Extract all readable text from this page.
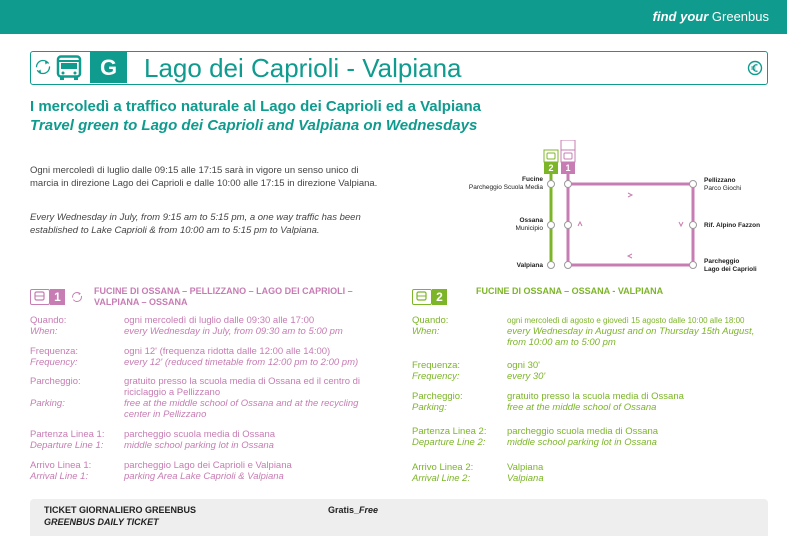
find your Greenbus
G	Lago dei Caprioli - Valpiana
I mercoledì a traffico naturale al Lago dei Caprioli ed a Valpiana
Travel green to Lago dei Caprioli and Valpiana on Wednesdays
Ogni mercoledì di luglio dalle 09:15 alle 17:15 sarà in vigore un senso unico di marcia in direzione Lago dei Caprioli e dalle 10:00 alle 17:15 in direzione Valpiana.
Every Wednesday in July, from 9:15 am to 5:15 pm, a one way traffic has been established to Lake Caprioli & from 10:00 am to 5:15 pm to Valpiana.
2 1
Fucine
Parcheggio Scuola Media
Ossana
Municipio
Valpiana
Pellizzano
Parco Giochi
Rif. Alpino Fazzon
Parcheggio
Lago dei Caprioli
1	FUCINE DI OSSANA – PELLIZZANO – LAGO DEI CAPRIOLI – VALPIANA – OSSANA
Quando:
When:
ogni mercoledì di luglio dalle 09:30 alle 17:00
every Wednesday in July, from 09:30 am to 5:00 pm
Frequenza:
Frequency:
ogni 12' (frequenza ridotta dalle 12:00 alle 14:00)
every 12' (reduced timetable from 12:00 pm to 2:00 pm)
Parcheggio:
Parking:
gratuito presso la scuola media di Ossana ed il centro di riciclaggio a Pellizzano
free at the middle school of Ossana and at the recycling center in Pellizzano
Partenza Linea 1:
Departure Line 1:
parcheggio scuola media di Ossana
middle school parking lot in Ossana
Arrivo Linea 1:
Arrival Line 1:
parcheggio Lago dei Caprioli e Valpiana
parking Area Lake Caprioli & Valpiana
2	FUCINE DI OSSANA – OSSANA - VALPIANA
Quando:
When:
ogni mercoledì di agosto e giovedì 15 agosto dalle 10:00 alle 18:00
every Wednesday in August and on Thursday 15th August, from 10:00 am to 5:00 pm
Frequenza:
Frequency:
ogni 30'
every 30'
Parcheggio:
Parking:
gratuito presso la scuola media di Ossana
free at the middle school of Ossana
Partenza Linea 2:
Departure Line 2:
parcheggio scuola media di Ossana
middle school parking lot in Ossana
Arrivo Linea 2:
Arrival Line 2:
Valpiana
Valpiana
TICKET GIORNALIERO GREENBUS
GREENBUS DAILY TICKET
Gratis_Free
